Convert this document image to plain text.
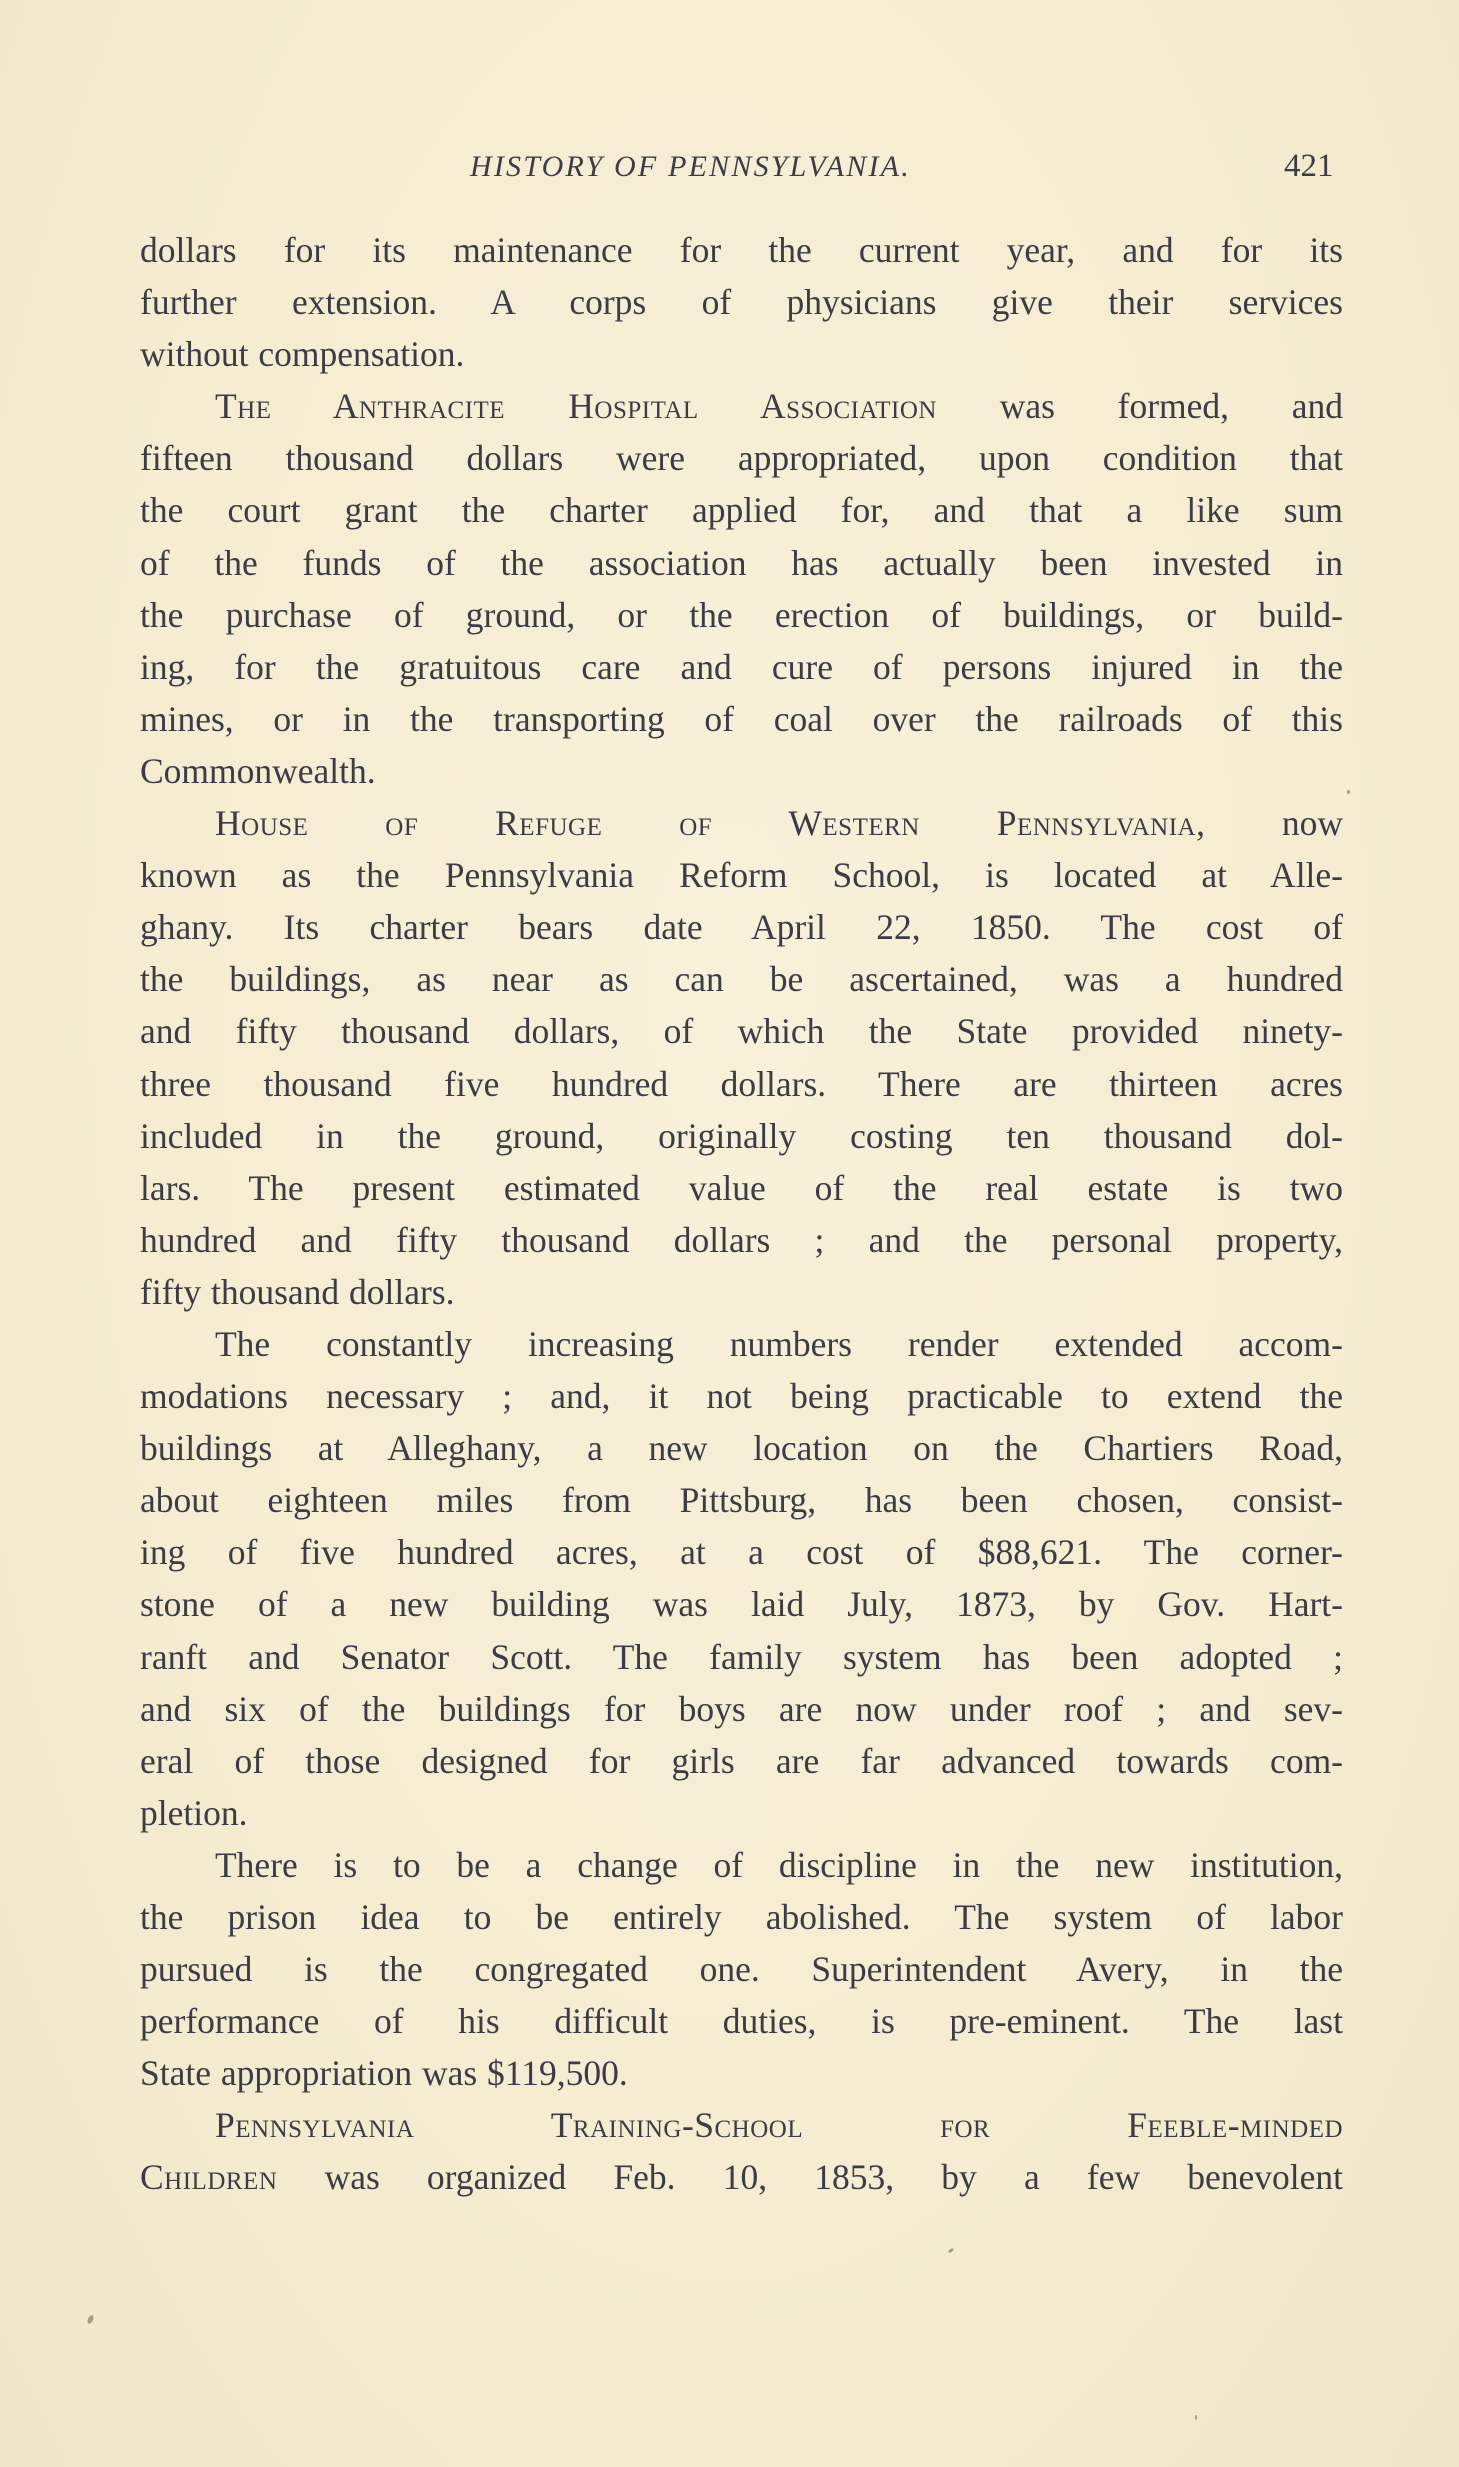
HISTORY OF PENNSYLVANIA.	421
dollars for its maintenance for the current year, and for its
further extension. A corps of physicians give their services
without compensation.
The Anthracite Hospital Association was formed, and
fifteen thousand dollars were appropriated, upon condition that
the court grant the charter applied for, and that a like sum
of the funds of the association has actually been invested in
the purchase of ground, or the erection of buildings, or build-
ing, for the gratuitous care and cure of persons injured in the
mines, or in the transporting of coal over the railroads of this
Commonwealth.
House of Refuge of Western Pennsylvania, now
known as the Pennsylvania Reform School, is located at Alle-
ghany. Its charter bears date April 22, 1850. The cost of
the buildings, as near as can be ascertained, was a hundred
and fifty thousand dollars, of which the State provided ninety-
three thousand five hundred dollars. There are thirteen acres
included in the ground, originally costing ten thousand dol-
lars. The present estimated value of the real estate is two
hundred and fifty thousand dollars ; and the personal property,
fifty thousand dollars.
The constantly increasing numbers render extended accom-
modations necessary ; and, it not being practicable to extend the
buildings at Alleghany, a new location on the Chartiers Road,
about eighteen miles from Pittsburg, has been chosen, consist-
ing of five hundred acres, at a cost of $88,621. The corner-
stone of a new building was laid July, 1873, by Gov. Hart-
ranft and Senator Scott. The family system has been adopted ;
and six of the buildings for boys are now under roof ; and sev-
eral of those designed for girls are far advanced towards com-
pletion.
There is to be a change of discipline in the new institution,
the prison idea to be entirely abolished. The system of labor
pursued is the congregated one. Superintendent Avery, in the
performance of his difficult duties, is pre-eminent. The last
State appropriation was $119,500.
Pennsylvania	Training-School	for	Feeble-minded
Children was organized Feb. 10, 1853, by a few benevolent
